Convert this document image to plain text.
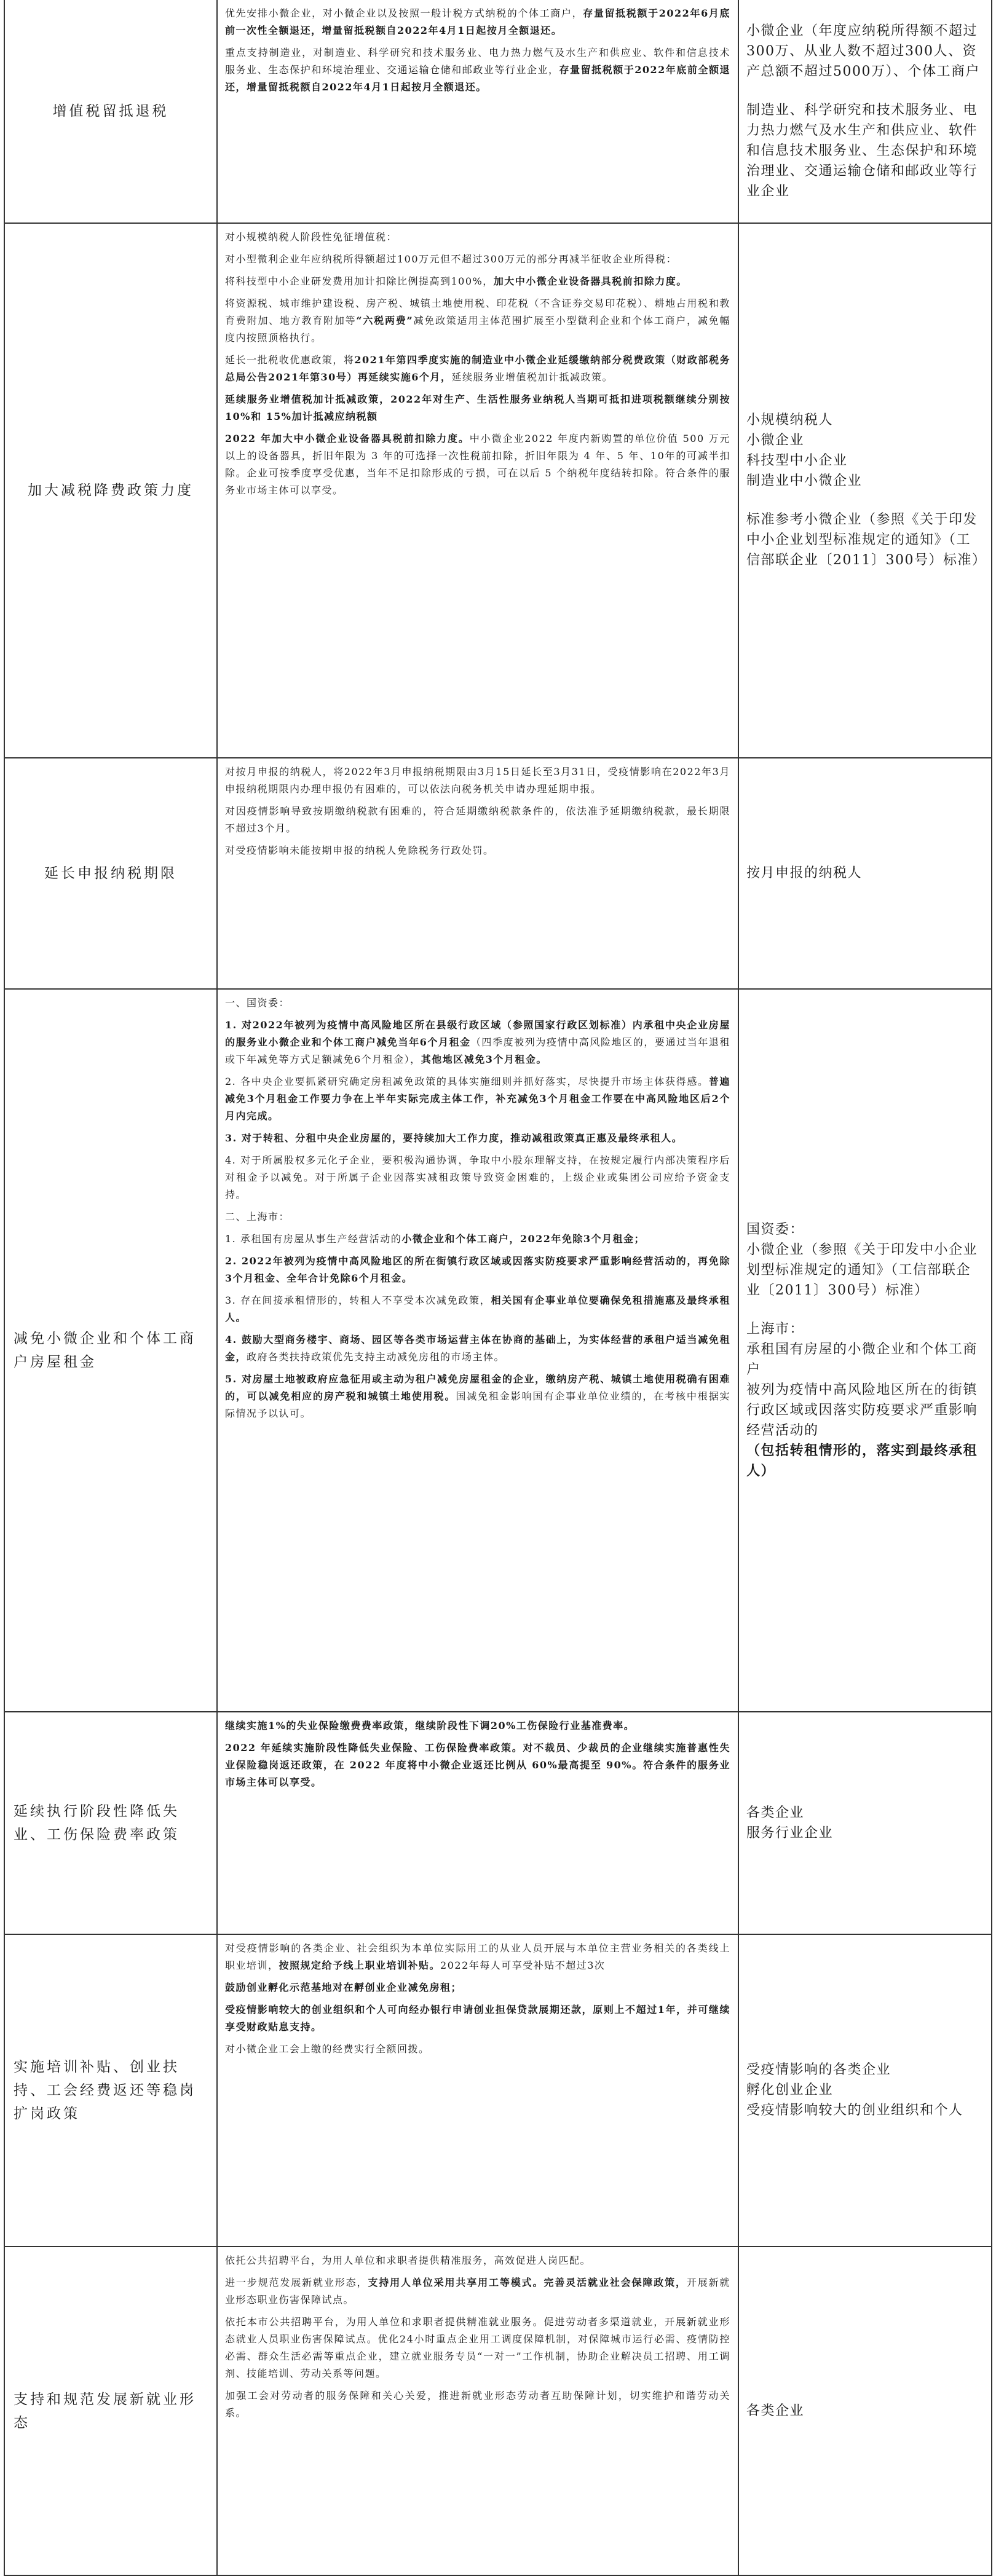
增值税留抵退税
优先安排小微企业，对小微企业以及按照一般计税方式纳税的个体工商户，存量留抵税额于2022年6月底前一次性全额退还，增量留抵税额自2022年4月1日起按月全额退还。
重点支持制造业，对制造业、科学研究和技术服务业、电力热力燃气及水生产和供应业、软件和信息技术服务业、生态保护和环境治理业、交通运输仓储和邮政业等行业企业，存量留抵税额于2022年底前全额退还，增量留抵税额自2022年4月1日起按月全额退还。
小微企业（年度应纳税所得额不超过300万、从业人数不超过300人、资产总额不超过5000万）、个体工商户
制造业、科学研究和技术服务业、电力热力燃气及水生产和供应业、软件和信息技术服务业、生态保护和环境治理业、交通运输仓储和邮政业等行业企业
加大减税降费政策力度
对小规模纳税人阶段性免征增值税：
对小型微利企业年应纳税所得额超过100万元但不超过300万元的部分再减半征收企业所得税：
将科技型中小企业研发费用加计扣除比例提高到100%，加大中小微企业设备器具税前扣除力度。
将资源税、城市维护建设税、房产税、城镇土地使用税、印花税（不含证券交易印花税）、耕地占用税和教育费附加、地方教育附加等“六税两费”减免政策适用主体范围扩展至小型微利企业和个体工商户，减免幅度内按照顶格执行。
延长一批税收优惠政策，将2021年第四季度实施的制造业中小微企业延缓缴纳部分税费政策（财政部税务总局公告2021年第30号）再延续实施6个月，延续服务业增值税加计抵减政策。
延续服务业增值税加计抵减政策，2022年对生产、生活性服务业纳税人当期可抵扣进项税额继续分别按 10%和 15%加计抵减应纳税额
2022 年加大中小微企业设备器具税前扣除力度。中小微企业2022 年度内新购置的单位价值 500 万元以上的设备器具，折旧年限为 3 年的可选择一次性税前扣除，折旧年限为 4 年、5 年、10年的可减半扣除。企业可按季度享受优惠，当年不足扣除形成的亏损，可在以后 5 个纳税年度结转扣除。符合条件的服务业市场主体可以享受。
小规模纳税人
小微企业
科技型中小企业
制造业中小微企业
标准参考小微企业（参照《关于印发中小企业划型标准规定的通知》（工信部联企业〔2011〕300号）标准）
延长申报纳税期限
对按月申报的纳税人，将2022年3月申报纳税期限由3月15日延长至3月31日，受疫情影响在2022年3月申报纳税期限内办理申报仍有困难的，可以依法向税务机关申请办理延期申报。
对因疫情影响导致按期缴纳税款有困难的，符合延期缴纳税款条件的，依法准予延期缴纳税款，最长期限不超过3个月。
对受疫情影响未能按期申报的纳税人免除税务行政处罚。
按月申报的纳税人
减免小微企业和个体工商户房屋租金
一、国资委：
1. 对2022年被列为疫情中高风险地区所在县级行政区域（参照国家行政区划标准）内承租中央企业房屋的服务业小微企业和个体工商户减免当年6个月租金（四季度被列为疫情中高风险地区的，要通过当年退租或下年减免等方式足额减免6个月租金），其他地区减免3个月租金。
2. 各中央企业要抓紧研究确定房租减免政策的具体实施细则并抓好落实，尽快提升市场主体获得感。普遍减免3个月租金工作要力争在上半年实际完成主体工作，补充减免3个月租金工作要在中高风险地区后2个月内完成。
3. 对于转租、分租中央企业房屋的，要持续加大工作力度，推动减租政策真正惠及最终承租人。
4. 对于所属股权多元化子企业，要积极沟通协调，争取中小股东理解支持，在按规定履行内部决策程序后对租金予以减免。对于所属子企业因落实减租政策导致资金困难的，上级企业或集团公司应给予资金支持。
二、上海市：
1. 承租国有房屋从事生产经营活动的小微企业和个体工商户，2022年免除3个月租金；
2. 2022年被列为疫情中高风险地区的所在街镇行政区域或因落实防疫要求严重影响经营活动的，再免除3个月租金、全年合计免除6个月租金。
3. 存在间接承租情形的，转租人不享受本次减免政策，相关国有企事业单位要确保免租措施惠及最终承租人。
4. 鼓励大型商务楼宇、商场、园区等各类市场运营主体在协商的基础上，为实体经营的承租户适当减免租金，政府各类扶持政策优先支持主动减免房租的市场主体。
5. 对房屋土地被政府应急征用或主动为租户减免房屋租金的企业，缴纳房产税、城镇土地使用税确有困难的，可以减免相应的房产税和城镇土地使用税。国减免租金影响国有企事业单位业绩的，在考核中根据实际情况予以认可。
国资委：
小微企业（参照《关于印发中小企业划型标准规定的通知》（工信部联企业〔2011〕300号）标准）
上海市：
承租国有房屋的小微企业和个体工商户
被列为疫情中高风险地区所在的街镇行政区域或因落实防疫要求严重影响经营活动的
（包括转租情形的，落实到最终承租人）
延续执行阶段性降低失业、工伤保险费率政策
继续实施1%的失业保险缴费费率政策，继续阶段性下调20%工伤保险行业基准费率。
2022 年延续实施阶段性降低失业保险、工伤保险费率政策。对不裁员、少裁员的企业继续实施普惠性失业保险稳岗返还政策，在 2022 年度将中小微企业返还比例从 60%最高提至 90%。符合条件的服务业市场主体可以享受。
各类企业
服务行业企业
实施培训补贴、创业扶持、工会经费返还等稳岗扩岗政策
对受疫情影响的各类企业、社会组织为本单位实际用工的从业人员开展与本单位主营业务相关的各类线上职业培训，按照规定给予线上职业培训补贴。2022年每人可享受补贴不超过3次
鼓励创业孵化示范基地对在孵创业企业减免房租；
受疫情影响较大的创业组织和个人可向经办银行申请创业担保贷款展期还款，原则上不超过1年，并可继续享受财政贴息支持。
对小微企业工会上缴的经费实行全额回拨。
受疫情影响的各类企业
孵化创业企业
受疫情影响较大的创业组织和个人
支持和规范发展新就业形态
依托公共招聘平台，为用人单位和求职者提供精准服务，高效促进人岗匹配。
进一步规范发展新就业形态，支持用人单位采用共享用工等模式。完善灵活就业社会保障政策，开展新就业形态职业伤害保障试点。
依托本市公共招聘平台，为用人单位和求职者提供精准就业服务。促进劳动者多渠道就业，开展新就业形态就业人员职业伤害保障试点。优化24小时重点企业用工调度保障机制，对保障城市运行必需、疫情防控必需、群众生活必需等重点企业，建立就业服务专员“一对一”工作机制，协助企业解决员工招聘、用工调剂、技能培训、劳动关系等问题。
加强工会对劳动者的服务保障和关心关爱，推进新就业形态劳动者互助保障计划，切实维护和谐劳动关系。	各类企业
